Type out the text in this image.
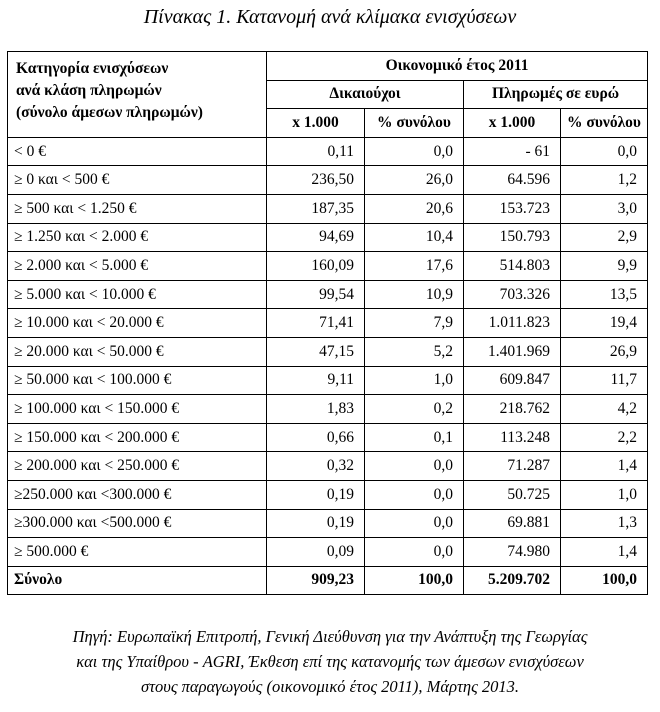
Πίνακας 1. Κατανομή ανά κλίμακα ενισχύσεων
Κατηγορία ενισχύσεων
ανά κλάση πληρωμών
(σύνολο άμεσων πληρωμών)	Οικονομικό έτος 2011			
	Δικαιούχοι		Πληρωμές σε ευρώ	
	x 1.000	% συνόλου	x 1.000	% συνόλου
< 0 €	0,11	0,0	- 61	0,0
≥ 0 και < 500 €	236,50	26,0	64.596	1,2
≥ 500 και < 1.250 €	187,35	20,6	153.723	3,0
≥ 1.250 και < 2.000 €	94,69	10,4	150.793	2,9
≥ 2.000 και < 5.000 €	160,09	17,6	514.803	9,9
≥ 5.000 και < 10.000 €	99,54	10,9	703.326	13,5
≥ 10.000 και < 20.000 €	71,41	7,9	1.011.823	19,4
≥ 20.000 και < 50.000 €	47,15	5,2	1.401.969	26,9
≥ 50.000 και < 100.000 €	9,11	1,0	609.847	11,7
≥ 100.000 και < 150.000 €	1,83	0,2	218.762	4,2
≥ 150.000 και < 200.000 €	0,66	0,1	113.248	2,2
≥ 200.000 και < 250.000 €	0,32	0,0	71.287	1,4
≥250.000 και <300.000 €	0,19	0,0	50.725	1,0
≥300.000 και <500.000 €	0,19	0,0	69.881	1,3
≥ 500.000 €	0,09	0,0	74.980	1,4
Σύνολο	909,23	100,0	5.209.702	100,0
Πηγή: Ευρωπαϊκή Επιτροπή, Γενική Διεύθυνση για την Ανάπτυξη της Γεωργίας
και της Υπαίθρου - AGRI, Έκθεση επί της κατανομής των άμεσων ενισχύσεων
στους παραγωγούς (οικονομικό έτος 2011), Μάρτης 2013.
